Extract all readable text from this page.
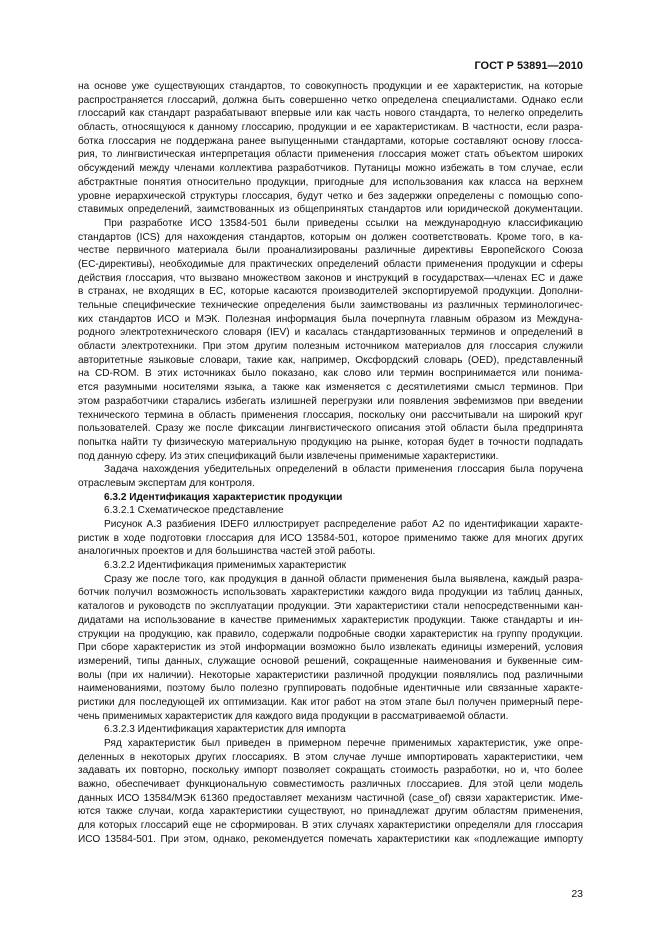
ГОСТ Р 53891—2010
на основе уже существующих стандартов, то совокупность продукции и ее характеристик, на которые
распространяется глоссарий, должна быть совершенно четко определена специалистами. Однако если
глоссарий как стандарт разрабатывают впервые или как часть нового стандарта, то нелегко определить
область, относящуюся к данному глоссарию, продукции и ее характеристикам. В частности, если разра-
ботка глоссария не поддержана ранее выпущенными стандартами, которые составляют основу глосса-
рия, то лингвистическая интерпретация области применения глоссария может стать объектом широких
обсуждений между членами коллектива разработчиков. Путаницы можно избежать в том случае, если
абстрактные понятия относительно продукции, пригодные для использования как класса на верхнем
уровне иерархической структуры глоссария, будут четко и без задержки определены с помощью сопо-
ставимых определений, заимствованных из общепринятых стандартов или юридической документации.
При разработке ИСО 13584-501 были приведены ссылки на международную классификацию
стандартов (ICS) для нахождения стандартов, которым он должен соответствовать. Кроме того, в ка-
честве первичного материала были проанализированы различные директивы Европейского Союза
(ЕС-директивы), необходимые для практических определений области применения продукции и сферы
действия глоссария, что вызвано множеством законов и инструкций в государствах—членах ЕС и даже
в странах, не входящих в ЕС, которые касаются производителей экспортируемой продукции. Дополни-
тельные специфические технические определения были заимствованы из различных терминологичес-
ких стандартов ИСО и МЭК. Полезная информация была почерпнута главным образом из Междуна-
родного электротехнического словаря (IEV) и касалась стандартизованных терминов и определений в
области электротехники. При этом другим полезным источником материалов для глоссария служили
авторитетные языковые словари, такие как, например, Оксфордский словарь (OED), представленный
на CD-ROM. В этих источниках было показано, как слово или термин воспринимается или понима-
ется разумными носителями языка, а также как изменяется с десятилетиями смысл терминов. При
этом разработчики старались избегать излишней перегрузки или появления эвфемизмов при введении
технического термина в область применения глоссария, поскольку они рассчитывали на широкий круг
пользователей. Сразу же после фиксации лингвистического описания этой области была предпринята
попытка найти ту физическую материальную продукцию на рынке, которая будет в точности подпадать
под данную сферу. Из этих спецификаций были извлечены применимые характеристики.
Задача нахождения убедительных определений в области применения глоссария была поручена
отраслевым экспертам для контроля.
6.3.2 Идентификация характеристик продукции
6.3.2.1 Схематическое представление
Рисунок А.3 разбиения IDEF0 иллюстрирует распределение работ А2 по идентификации характе-
ристик в ходе подготовки глоссария для ИСО 13584-501, которое применимо также для многих других
аналогичных проектов и для большинства частей этой работы.
6.3.2.2 Идентификация применимых характеристик
Сразу же после того, как продукция в данной области применения была выявлена, каждый разра-
ботчик получил возможность использовать характеристики каждого вида продукции из таблиц данных,
каталогов и руководств по эксплуатации продукции. Эти характеристики стали непосредственными кан-
дидатами на использование в качестве применимых характеристик продукции. Также стандарты и ин-
струкции на продукцию, как правило, содержали подробные сводки характеристик на группу продукции.
При сборе характеристик из этой информации возможно было извлекать единицы измерений, условия
измерений, типы данных, служащие основой решений, сокращенные наименования и буквенные сим-
волы (при их наличии). Некоторые характеристики различной продукции появлялись под различными
наименованиями, поэтому было полезно группировать подобные идентичные или связанные характе-
ристики для последующей их оптимизации. Как итог работ на этом этапе был получен примерный пере-
чень применимых характеристик для каждого вида продукции в рассматриваемой области.
6.3.2.3 Идентификация характеристик для импорта
Ряд характеристик был приведен в примерном перечне применимых характеристик, уже опре-
деленных в некоторых других глоссариях. В этом случае лучше импортировать характеристики, чем
задавать их повторно, поскольку импорт позволяет сокращать стоимость разработки, но и, что более
важно, обеспечивает функциональную совместимость различных глоссариев. Для этой цели модель
данных ИСО 13584/МЭК 61360 предоставляет механизм частичной (case_of) связи характеристик. Име-
ются также случаи, когда характеристики существуют, но принадлежат другим областям применения,
для которых глоссарий еще не сформирован. В этих случаях характеристики определяли для глоссария
ИСО 13584-501. При этом, однако, рекомендуется помечать характеристики как «подлежащие импорту
23
